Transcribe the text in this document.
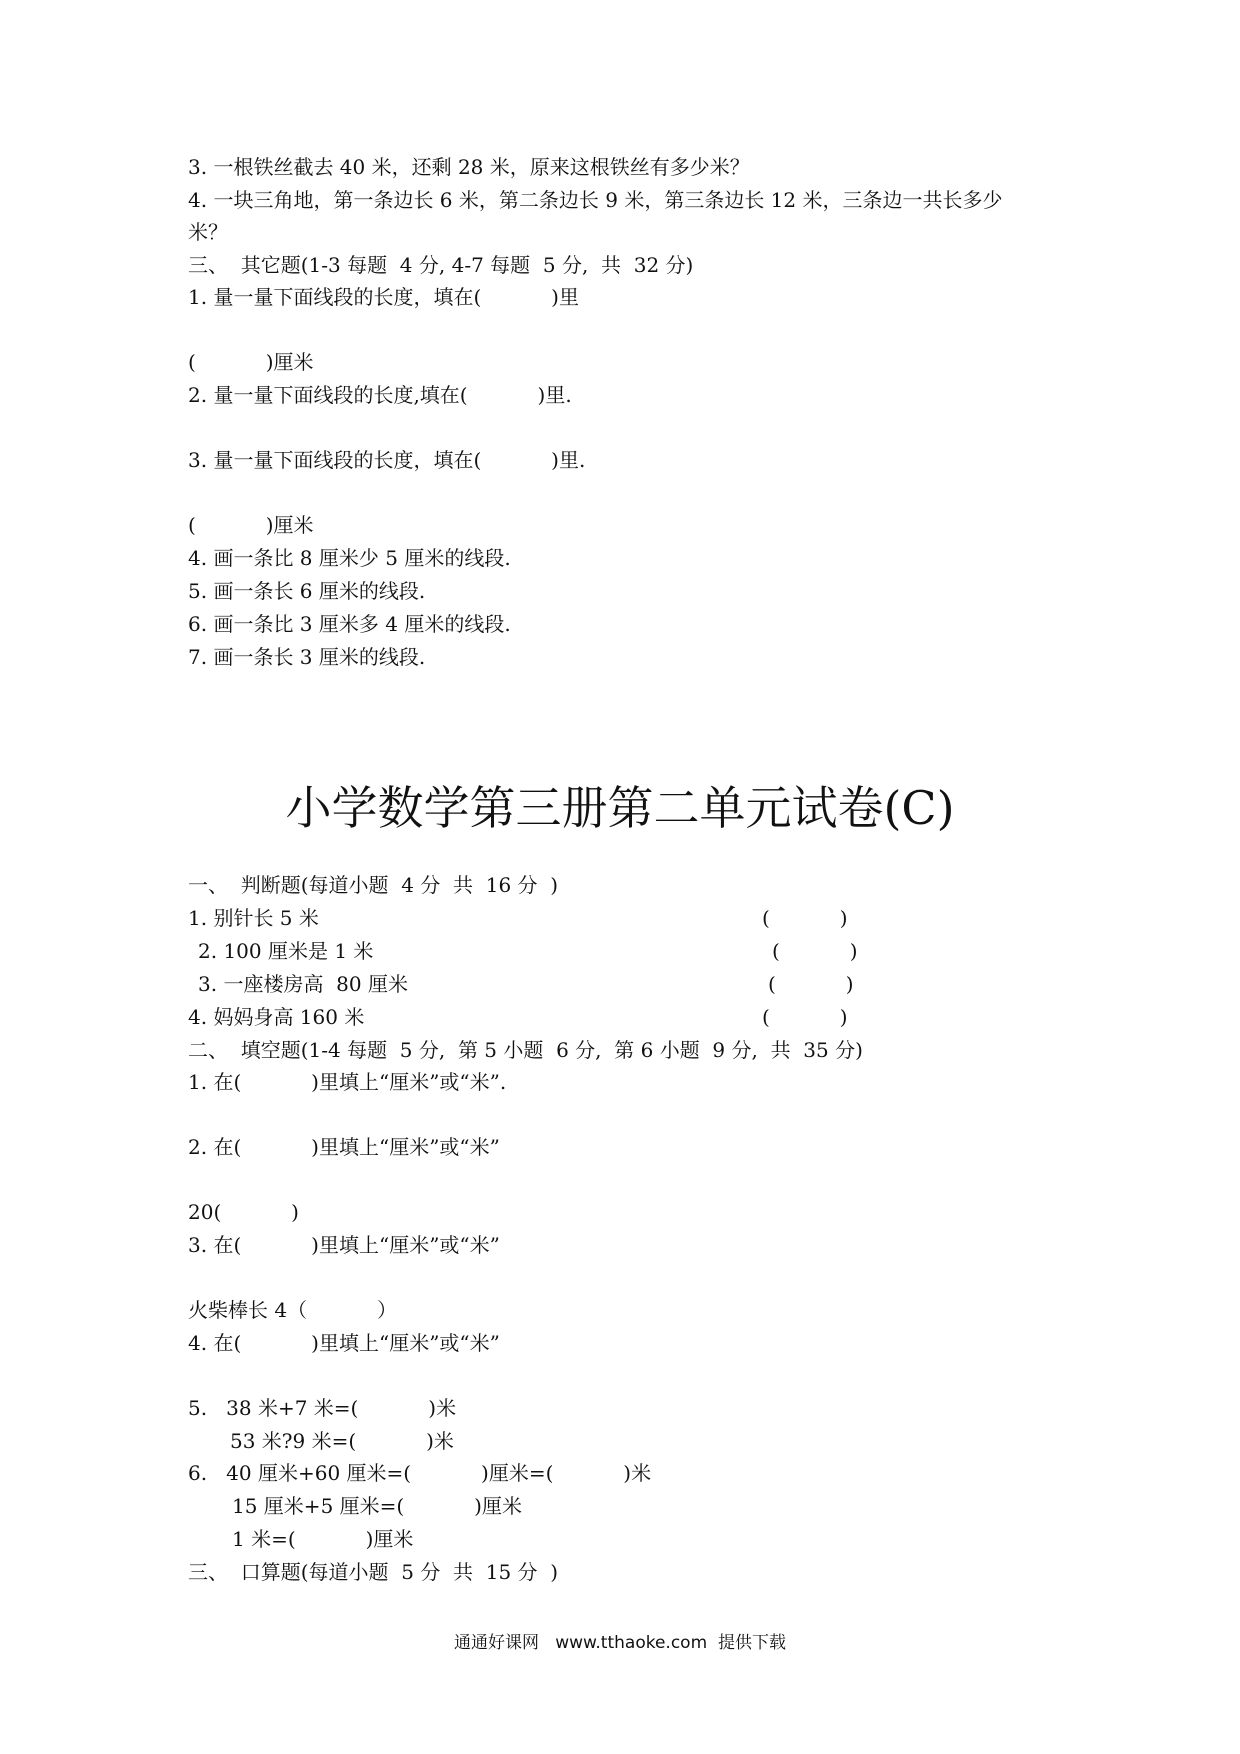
3. 一根铁丝截去 40 米，还剩 28 米，原来这根铁丝有多少米？
4. 一块三角地，第一条边长 6 米，第二条边长 9 米，第三条边长 12 米，三条边一共长多少
米？
三、  其它题(1-3 每题  4 分, 4-7 每题  5 分,  共  32 分)
1. 量一量下面线段的长度，填在(           )里
(           )厘米
2. 量一量下面线段的长度,填在(           )里.
3. 量一量下面线段的长度，填在(           )里.
(           )厘米
4. 画一条比 8 厘米少 5 厘米的线段.
5. 画一条长 6 厘米的线段.
6. 画一条比 3 厘米多 4 厘米的线段.
7. 画一条长 3 厘米的线段.
小学数学第三册第二单元试卷(C)
一、  判断题(每道小题  4 分  共  16 分  )
1. 别针长 5 米	(           )
2. 100 厘米是 1 米	(           )
3. 一座楼房高  80 厘米	(           )
4. 妈妈身高 160 米	(           )
二、  填空题(1-4 每题  5 分,  第 5 小题  6 分,  第 6 小题  9 分,  共  35 分)
1. 在(           )里填上“厘米”或“米”.
2. 在(           )里填上“厘米”或“米”
20(           )
3. 在(           )里填上“厘米”或“米”
火柴棒长 4（           ）
4. 在(           )里填上“厘米”或“米”
5.   38 米+7 米=(           )米
53 米?9 米=(           )米
6.   40 厘米+60 厘米=(           )厘米=(           )米
15 厘米+5 厘米=(           )厘米
1 米=(           )厘米
三、  口算题(每道小题  5 分  共  15 分  )
通通好课网   www.tthaoke.com  提供下载
